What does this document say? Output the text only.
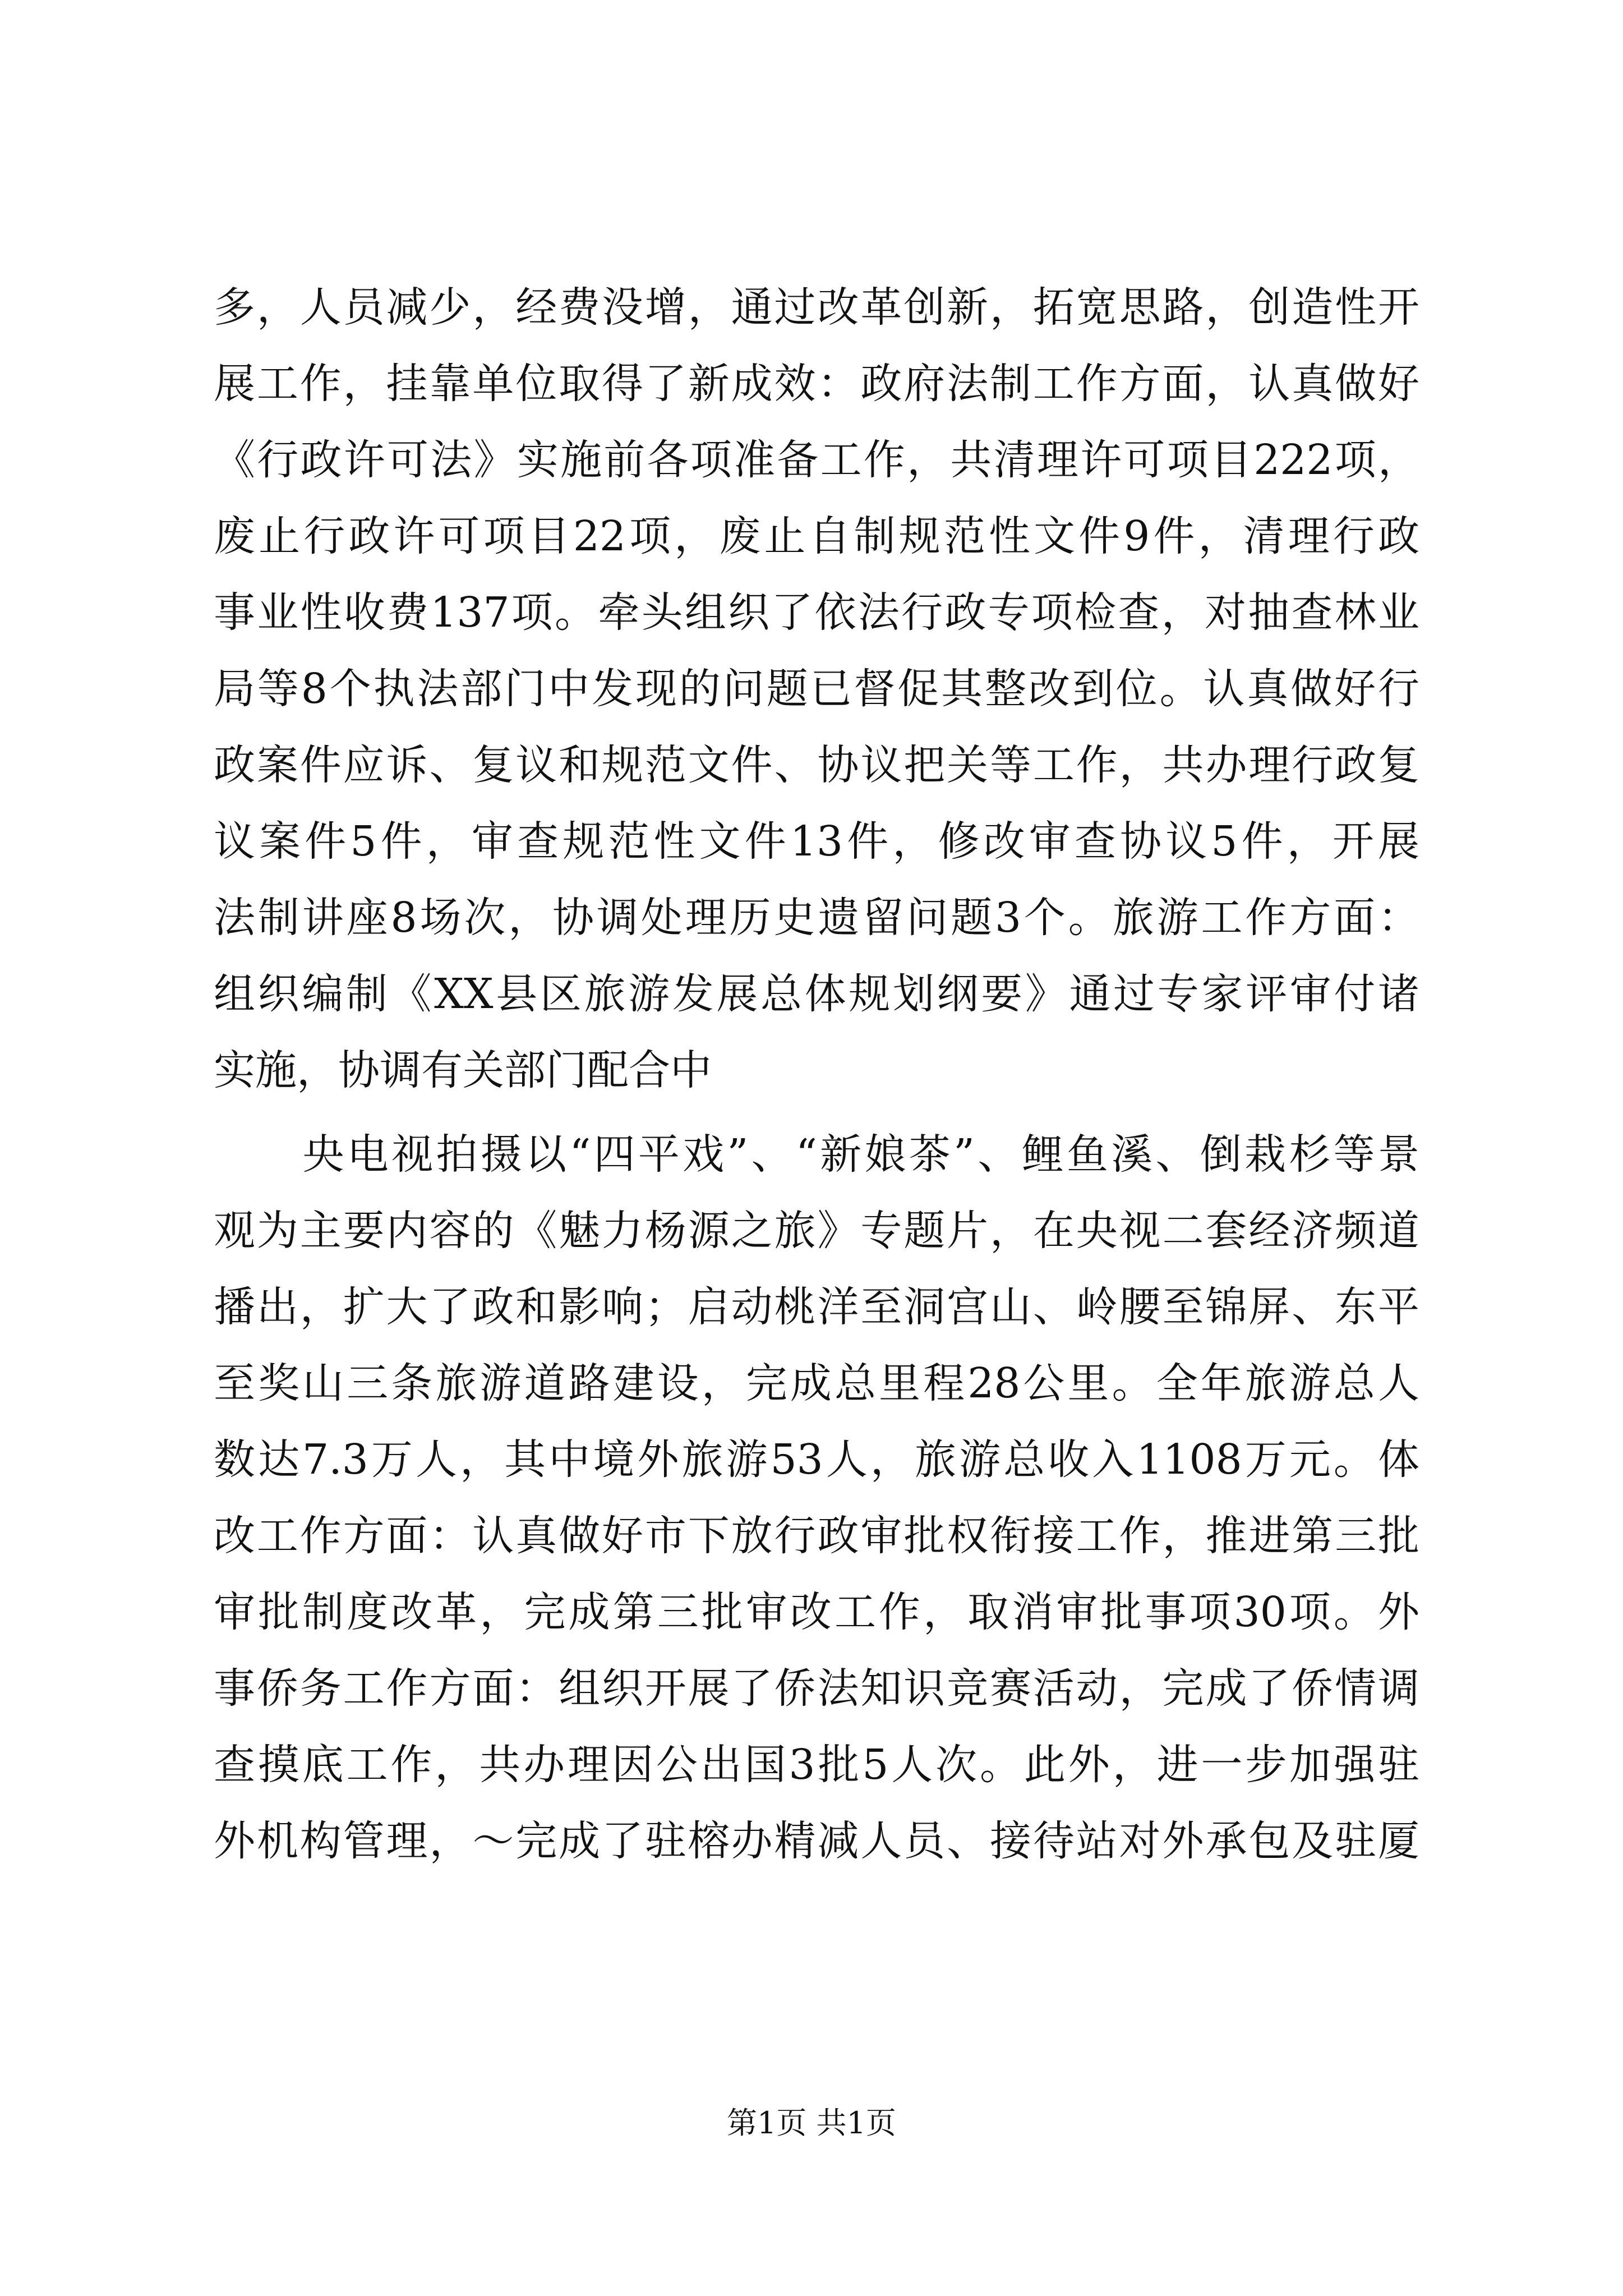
多，人员减少，经费没增，通过改革创新，拓宽思路，创造性开
展工作，挂靠单位取得了新成效：政府法制工作方面，认真做好
《行政许可法》实施前各项准备工作，共清理许可项目222项，
废止行政许可项目22项，废止自制规范性文件9件，清理行政
事业性收费137项。牵头组织了依法行政专项检查，对抽查林业
局等8个执法部门中发现的问题已督促其整改到位。认真做好行
政案件应诉、复议和规范文件、协议把关等工作，共办理行政复
议案件5件，审查规范性文件13件，修改审查协议5件，开展
法制讲座8场次，协调处理历史遗留问题3个。旅游工作方面：
组织编制《XX县区旅游发展总体规划纲要》通过专家评审付诸
实施，协调有关部门配合中
　　央电视拍摄以“四平戏”、“新娘茶”、鲤鱼溪、倒栽杉等景
观为主要内容的《魅力杨源之旅》专题片，在央视二套经济频道
播出，扩大了政和影响；启动桃洋至洞宫山、岭腰至锦屏、东平
至奖山三条旅游道路建设，完成总里程28公里。全年旅游总人
数达7.3万人，其中境外旅游53人，旅游总收入1108万元。体
改工作方面：认真做好市下放行政审批权衔接工作，推进第三批
审批制度改革，完成第三批审改工作，取消审批事项30项。外
事侨务工作方面：组织开展了侨法知识竞赛活动，完成了侨情调
查摸底工作，共办理因公出国3批5人次。此外，进一步加强驻
外机构管理，～完成了驻榕办精减人员、接待站对外承包及驻厦
第1页 共1页
